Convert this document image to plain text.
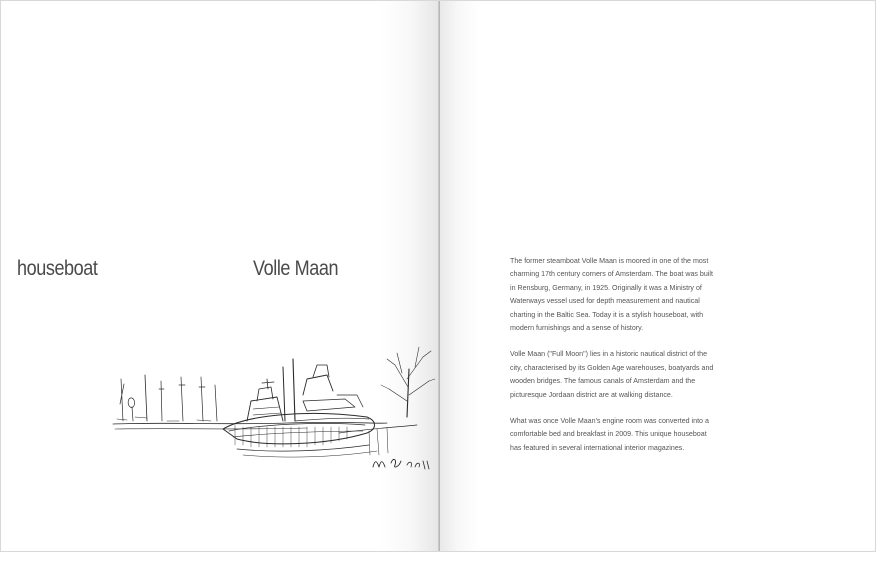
houseboat	Volle Maan	The former steamboat Volle Maan is moored in one of the most charming 17th century corners of Amsterdam. The boat was built in Rensburg, Germany, in 1925. Originally it was a Ministry of Waterways vessel used for depth measurement and nautical charting in the Baltic Sea. Today it is a stylish houseboat, with modern furnishings and a sense of history.

Volle Maan ("Full Moon") lies in a historic nautical district of the city, characterised by its Golden Age warehouses, boatyards and wooden bridges. The famous canals of Amsterdam and the picturesque Jordaan district are at walking distance.

What was once Volle Maan's engine room was converted into a comfortable bed and breakfast in 2009. This unique houseboat has featured in several international interior magazines.
